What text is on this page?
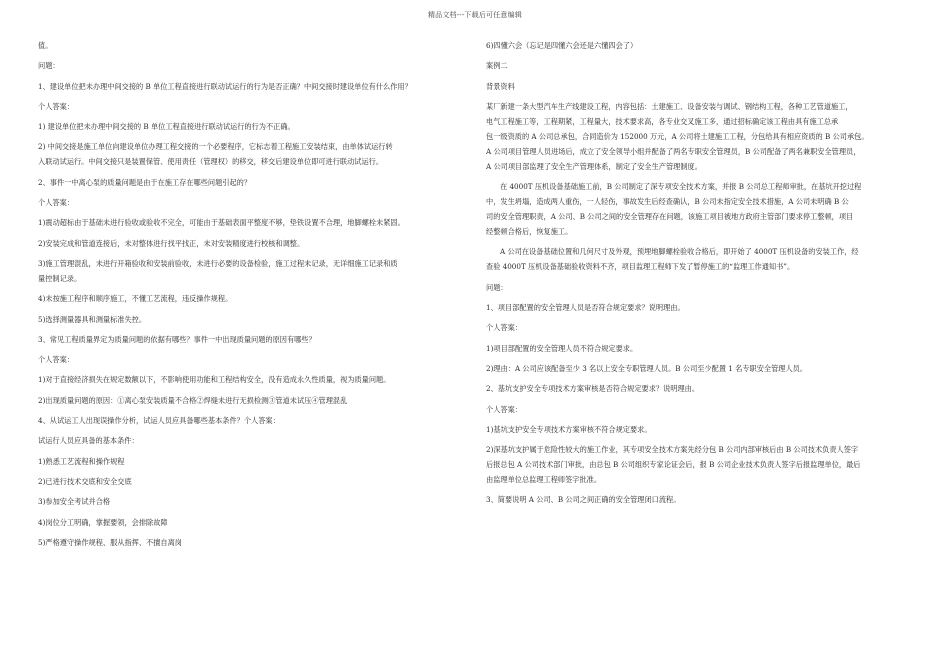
精品文档---下载后可任意编辑

值。

问题：

1、建设单位把未办理中间交接的 B 单位工程直接进行联动试运行的行为是否正确？中间交接时建设单位有什么作用？

个人答案：

1) 建设单位把未办理中间交接的 B 单位工程直接进行联动试运行的行为不正确。

2) 中间交接是施工单位向建设单位办理工程交接的一个必要程序，它标志着工程施工安装结束，由单体试运行转

入联动试运行。中间交接只是装置保管、使用责任（管理权）的移交，移交后建设单位即可进行联动试运行。

2、事件一中离心泵的质量问题是由于在施工存在哪些问题引起的？

个人答案：

1)震动超标由于基础未进行验收或验收不完全，可能由于基础表面平整度不够，垫铁设置不合理，地脚螺栓未紧固。

2)安装完成和管道连接后，未对整体进行找平找正，未对安装精度进行校核和调整。

3)施工管理混乱，未进行开箱验收和安装前验收，未进行必要的设备检验，施工过程未记录，无详细施工记录和质

量控制记录。

4)未按施工程序和顺序施工，不懂工艺流程，违反操作规程。

5)选择测量器具和测量标准失控。

3、常见工程质量界定为质量问题的依据有哪些？事件一中出现质量问题的原因有哪些？

个人答案：

1)对于直接经济损失在规定数额以下，不影响使用功能和工程结构安全，没有造成永久性质量，视为质量问题。

2)出现质量问题的原因：①离心泵安装质量不合格②焊缝未进行无损检测③管道未试压④管理混乱

4、从试运工人出现误操作分析，试运人员应具备哪些基本条件？个人答案：

试运行人员应具备的基本条件：

1)熟悉工艺流程和操作规程

2)已进行技术交底和安全交底

3)参加安全考试并合格

4)岗位分工明确，掌握要领，会排除故障

5)严格遵守操作规程、服从指挥、不擅自离岗

6)四懂六会（忘记是四懂六会还是六懂四会了）

案例二

背景资料

某厂新建一条大型汽车生产线建设工程，内容包括：土建施工、设备安装与调试、钢结构工程，各种工艺管道施工，

电气工程施工等，工程期紧，工程量大，技术要求高，各专业交叉施工多，通过招标确定该工程由具有施工总承

包一级资质的 A 公司总承包，合同造价为 152000 万元，A 公司将土建施工工程，分包给具有相应资质的 B 公司承包。

A 公司项目管理人员进场后，成立了安全领导小组并配备了两名专职安全管理员，B 公司配备了两名兼职安全管理员，

A 公司项目部监理了安全生产管理体系，制定了安全生产管理制度。

在 4000T 压机设备基础施工前，B 公司制定了深专项安全技术方案，并报 B 公司总工程师审批，在基坑开挖过程

中，发生坍塌，造成两人重伤，一人轻伤，事故发生后经查确认，B 公司未指定安全技术措施，A 公司未明确 B 公

司的安全管理职责，A 公司、B 公司之间的安全管理存在问题，该施工项目被地方政府主管部门要求停工整顿，项目

经整顿合格后，恢复施工。

A 公司在设备基础位置和几何尺寸及外观，预埋地脚螺栓验收合格后，即开始了 4000T 压机设备的安装工作，经

查验 4000T 压机设备基础验收资料不齐，项目监理工程师下发了暂停施工的“监理工作通知书”。

问题：

1、项目部配置的安全管理人员是否符合规定要求？说明理由。

个人答案：

1)项目部配置的安全管理人员不符合规定要求。

2)理由：A 公司应该配备至少 3 名以上安全专职管理人员。B 公司至少配置 1 名专职安全管理人员。

2、基坑支护安全专项技术方案审核是否符合规定要求？说明理由。

个人答案：

1)基坑支护安全专项技术方案审核不符合规定要求。

2)深基坑支护属于危险性较大的施工作业，其专项安全技术方案先经分包 B 公司内部审核后由 B 公司技术负责人签字

后报总包 A 公司技术部门审批，由总包 B 公司组织专家论证会后，报 B 公司企业技术负责人签字后报监理单位，最后

由监理单位总监理工程师签字批准。

3、简要说明 A 公司、B 公司之间正确的安全管理闭口流程。
